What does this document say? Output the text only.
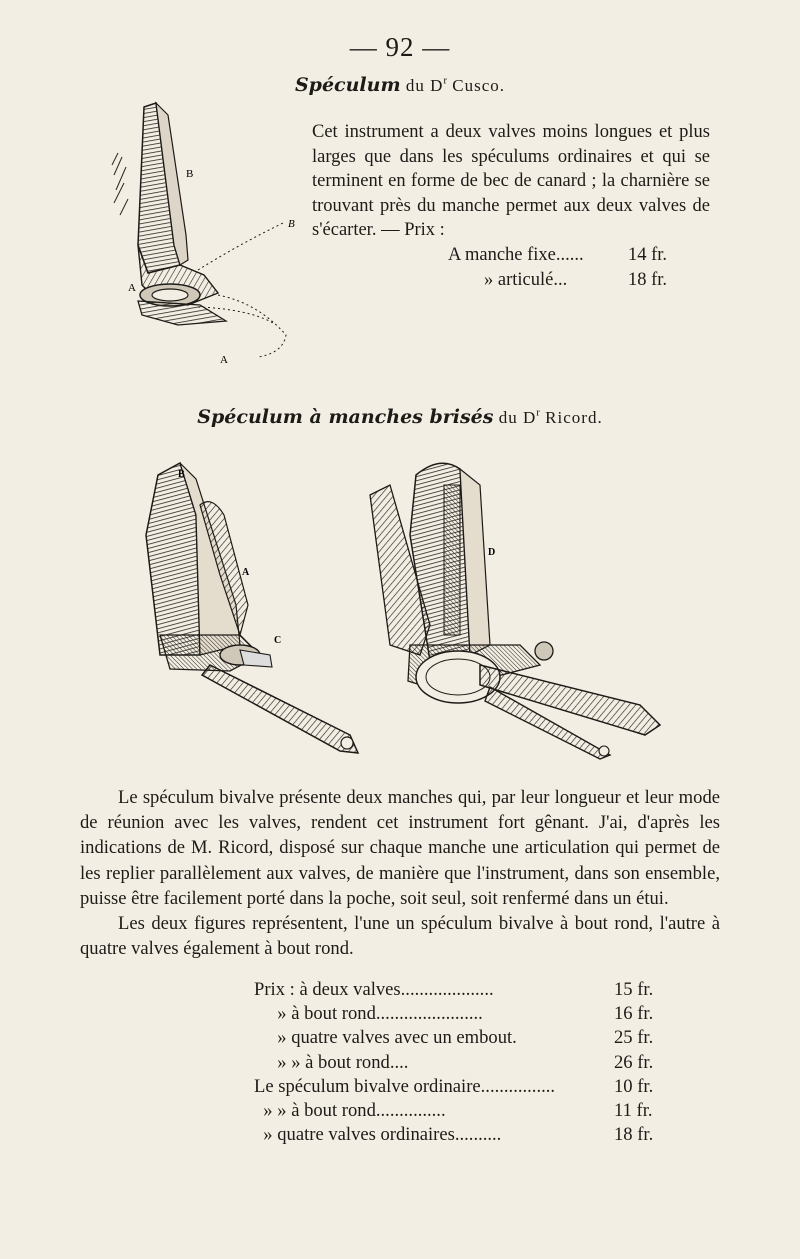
— 92 —
Spéculum du $D^r$ Cusco.
B
B
A
A
Cet instrument a deux valves moins longues et plus larges que dans les spéculums ordinaires et qui se terminent en forme de bec de canard ; la charnière se trouvant près du manche permet aux deux valves de s'écarter. — Prix :
A manche fixe......	14 fr.
» articulé...	18 fr.
Spéculum à manches brisés du $D^r$ Ricord.
B
C
A
D

Le spéculum bivalve présente deux manches qui, par leur longueur et leur mode de réunion avec les valves, rendent cet instrument fort gênant. J'ai, d'après les indications de M. Ricord, disposé sur chaque manche une articulation qui permet de les replier parallèlement aux valves, de manière que l'instrument, dans son ensemble, puisse être facilement porté dans la poche, soit seul, soit renfermé dans un étui.

Les deux figures représentent, l'une un spéculum bivalve à bout rond, l'autre à quatre valves également à bout rond.

Prix : à deux valves....................	15 fr.
» à bout rond.......................	16 fr.
» quatre valves avec un embout.	25 fr.
» » à bout rond....	26 fr.
Le spéculum bivalve ordinaire................	10 fr.
» » à bout rond...............	11 fr.
» quatre valves ordinaires..........	18 fr.
